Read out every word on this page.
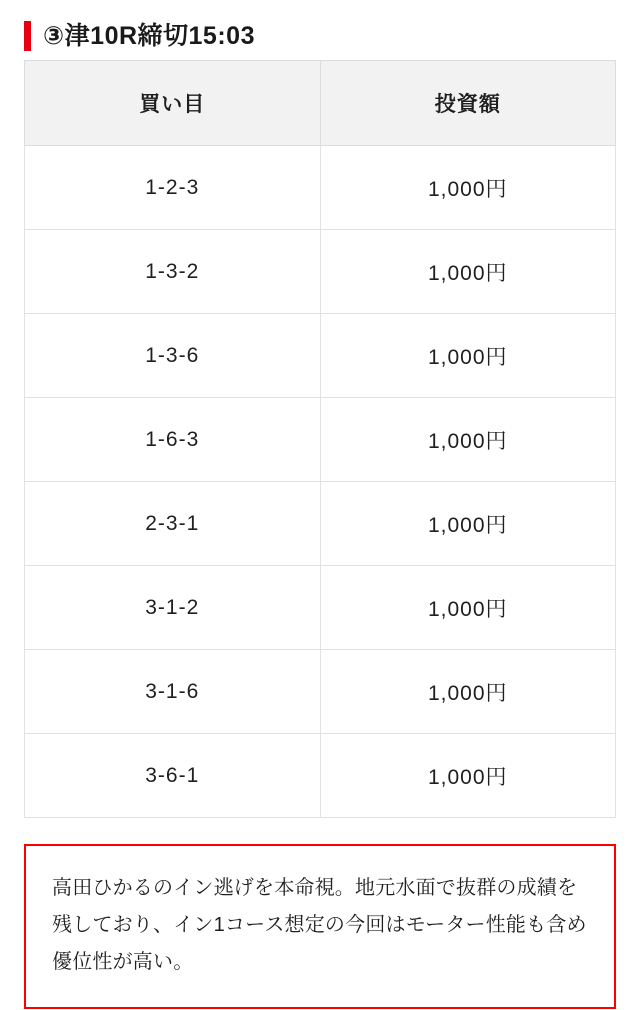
③津10R締切15:03
買い目	投資額
1-2-3	1,000円
1-3-2	1,000円
1-3-6	1,000円
1-6-3	1,000円
2-3-1	1,000円
3-1-2	1,000円
3-1-6	1,000円
3-6-1	1,000円

高田ひかるのイン逃げを本命視。地元水面で抜群の成績を残しており、イン1コース想定の今回はモーター性能も含め優位性が高い。
